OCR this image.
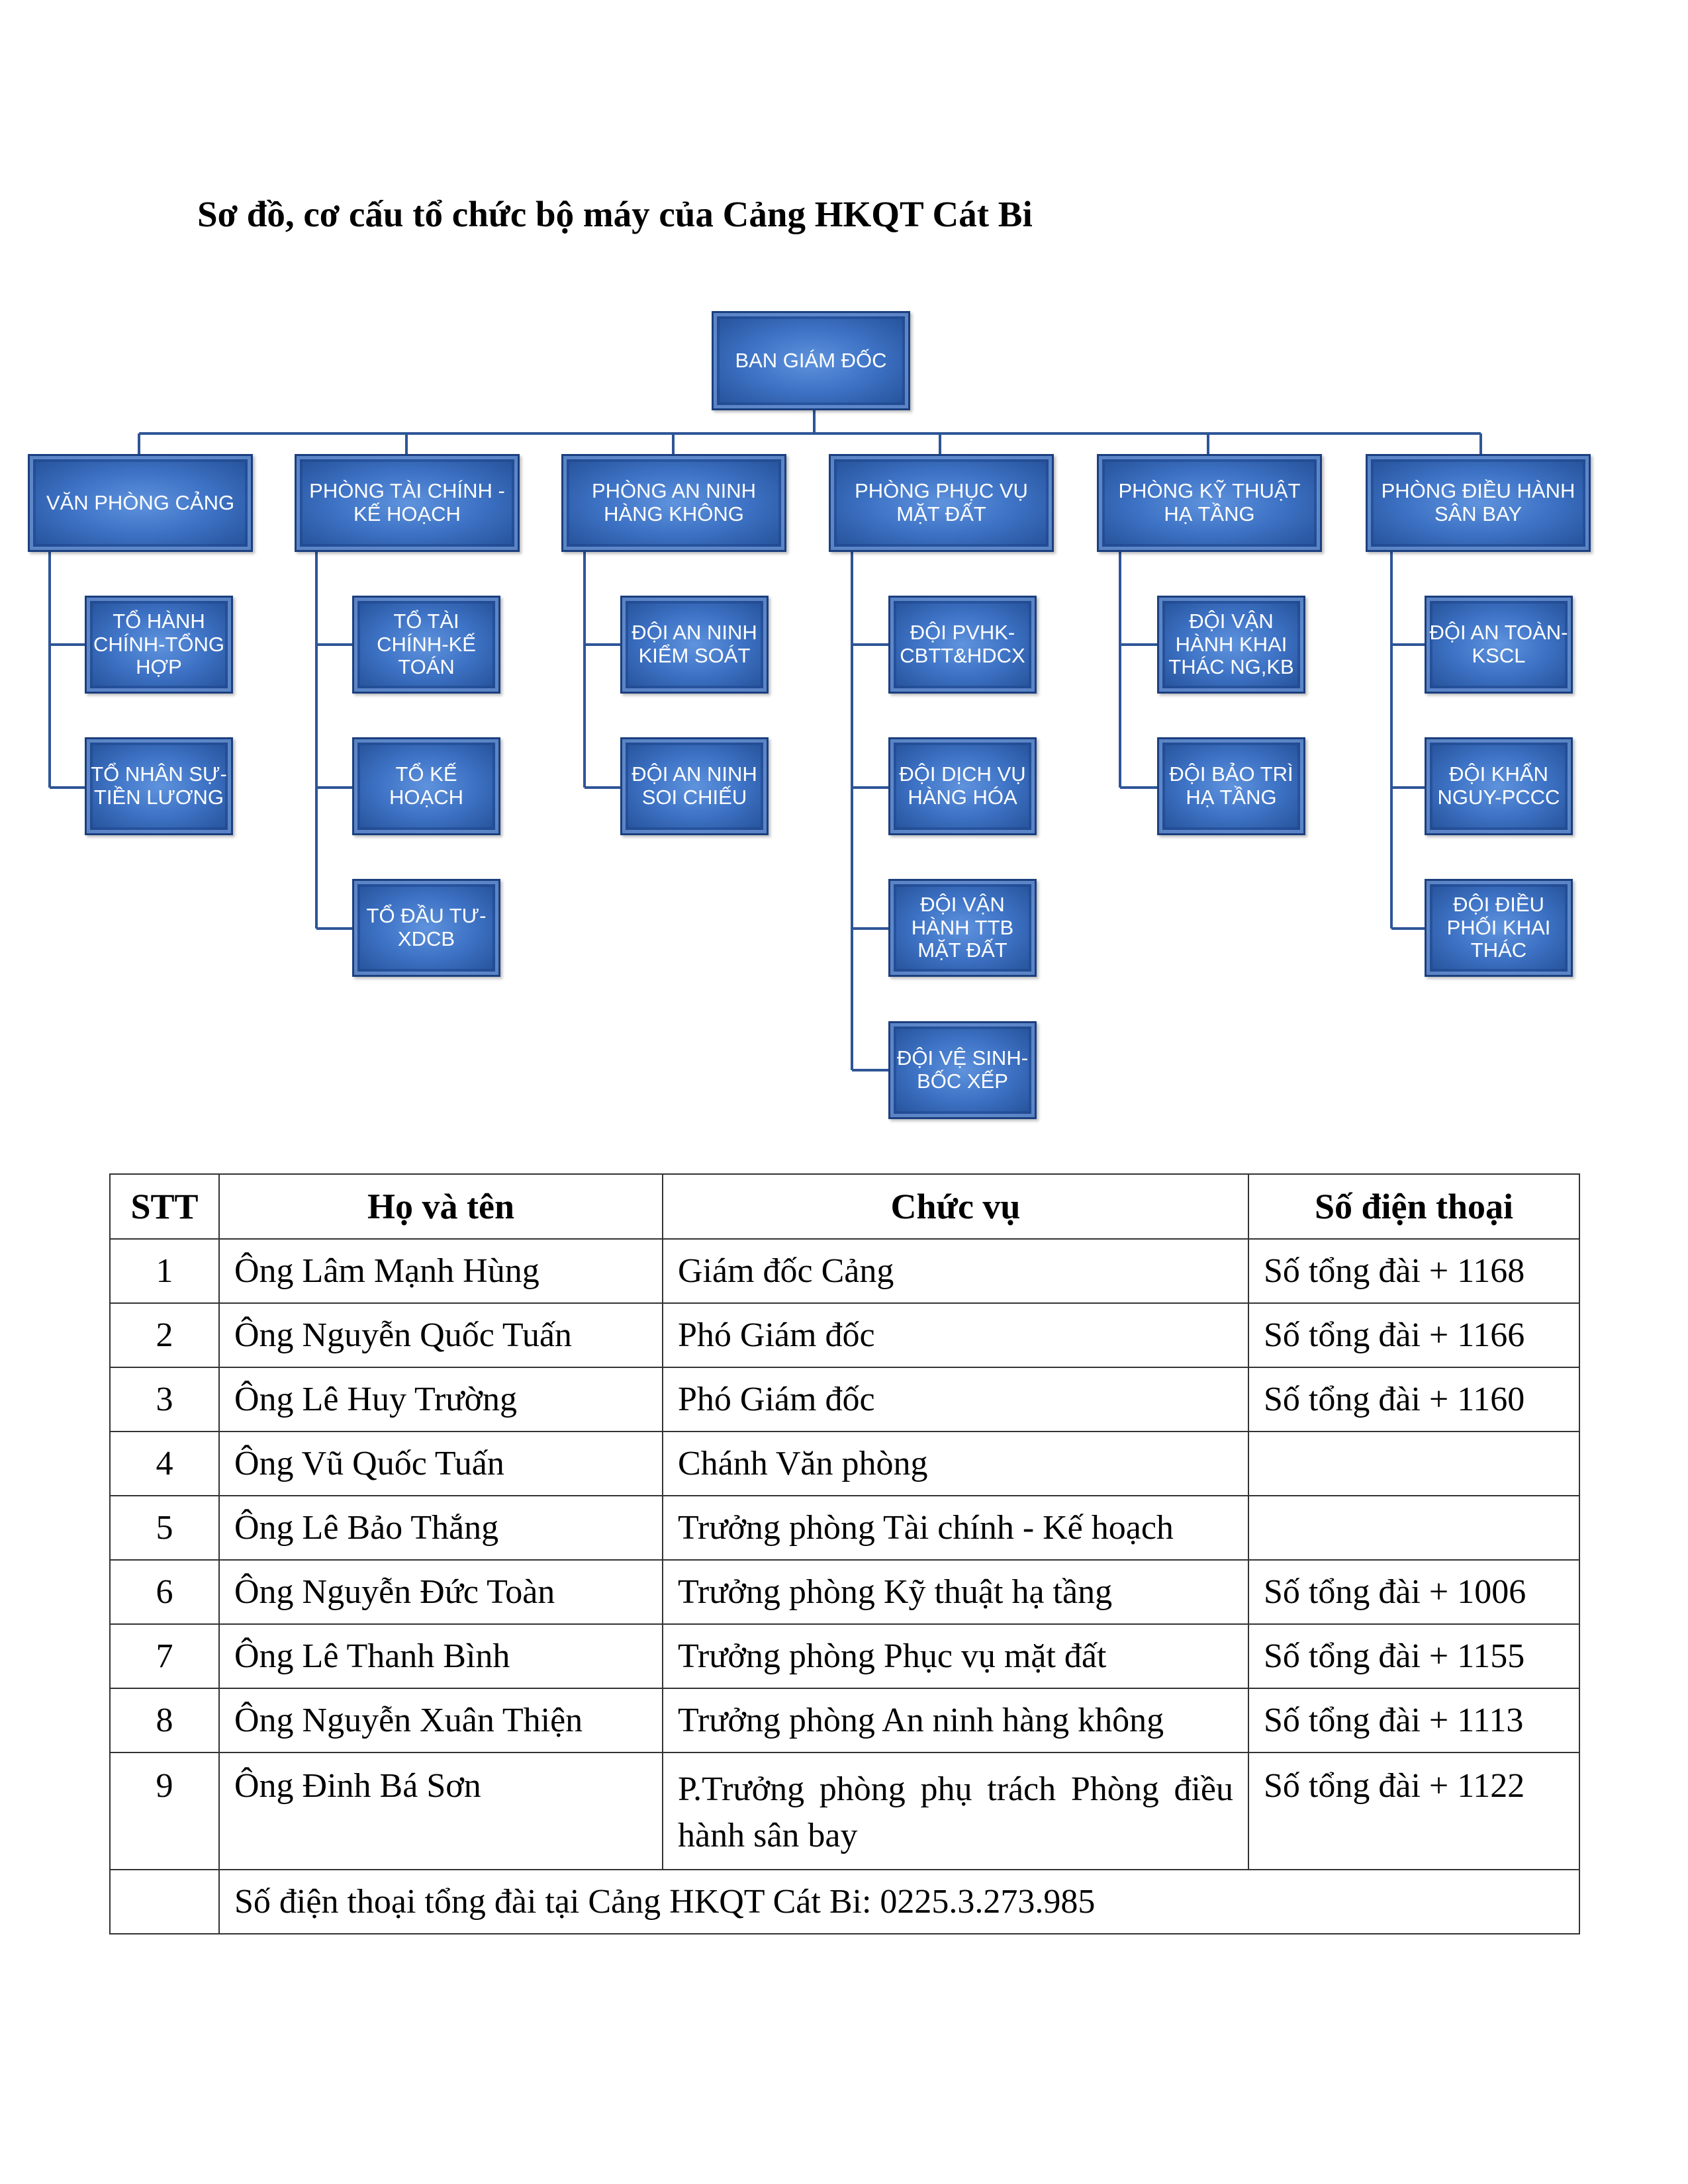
Sơ đồ, cơ cấu tổ chức bộ máy của Cảng HKQT Cát Bi
BAN GIÁM ĐỐC
VĂN PHÒNG CẢNG	PHÒNG TÀI CHÍNH - KẾ HOẠCH
PHÒNG AN NINH HÀNG KHÔNG
PHÒNG PHỤC VỤ MẶT ĐẤT
PHÒNG KỸ THUẬT HẠ TẦNG
PHÒNG ĐIỀU HÀNH SÂN BAY
TỔ HÀNH CHÍNH-TỔNG HỢP
TỔ NHÂN SỰ-TIỀN LƯƠNG
TỔ TÀI CHÍNH-KẾ TOÁN
TỔ KẾ HOẠCH
TỔ ĐẦU TƯ-XDCB
ĐỘI AN NINH KIỂM SOÁT
ĐỘI AN NINH SOI CHIẾU
ĐỘI PVHK-CBTT&HDCX
ĐỘI DỊCH VỤ HÀNG HÓA
ĐỘI VẬN HÀNH TTB MẶT ĐẤT
ĐỘI VỆ SINH-BỐC XẾP
ĐỘI VẬN HÀNH KHAI THÁC NG,KB
ĐỘI BẢO TRÌ HẠ TẦNG
ĐỘI AN TOÀN-KSCL
ĐỘI KHẨN NGUY-PCCC
ĐỘI ĐIỀU PHỐI KHAI THÁC
STT	Họ và tên	Chức vụ	Số điện thoại
1	Ông Lâm Mạnh Hùng	Giám đốc Cảng	Số tổng đài + 1168
2	Ông Nguyễn Quốc Tuấn	Phó Giám đốc	Số tổng đài + 1166
3	Ông Lê Huy Trường	Phó Giám đốc	Số tổng đài + 1160
4	Ông Vũ Quốc Tuấn	Chánh Văn phòng	
5	Ông Lê Bảo Thắng	Trưởng phòng Tài chính - Kế hoạch	
6	Ông Nguyễn Đức Toàn	Trưởng phòng Kỹ thuật hạ tầng	Số tổng đài + 1006
7	Ông Lê Thanh Bình	Trưởng phòng Phục vụ mặt đất	Số tổng đài + 1155
8	Ông Nguyễn Xuân Thiện	Trưởng phòng An ninh hàng không	Số tổng đài + 1113
9	Ông Đinh Bá Sơn	P.Trưởng phòng phụ trách Phòng điều hành sân bay	Số tổng đài + 1122
	Số điện thoại tổng đài tại Cảng HKQT Cát Bi: 0225.3.273.985		
